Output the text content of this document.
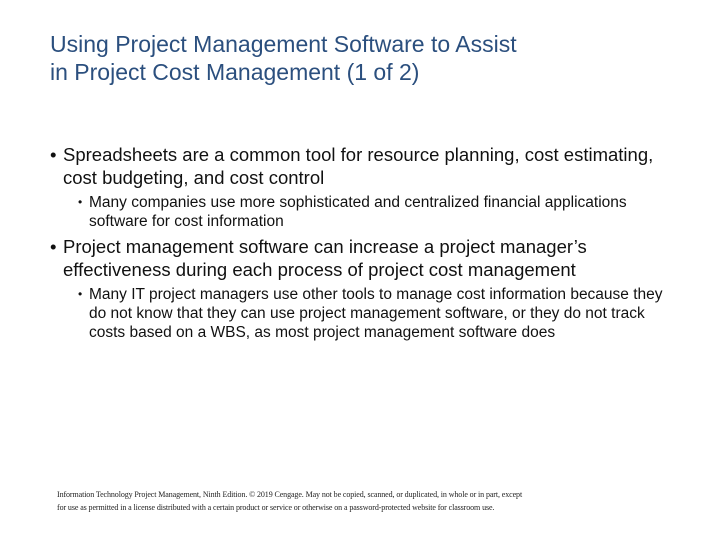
Using Project Management Software to Assist
in Project Cost Management (1 of 2)
• Spreadsheets are a common tool for resource planning, cost estimating, cost budgeting, and cost control
• Many companies use more sophisticated and centralized financial applications software for cost information
• Project management software can increase a project manager’s effectiveness during each process of project cost management
• Many IT project managers use other tools to manage cost information because they do not know that they can use project management software, or they do not track costs based on a WBS, as most project management software does
Information Technology Project Management, Ninth Edition. © 2019 Cengage. May not be copied, scanned, or duplicated, in whole or in part, except
for use as permitted in a license distributed with a certain product or service or otherwise on a password-protected website for classroom use.
